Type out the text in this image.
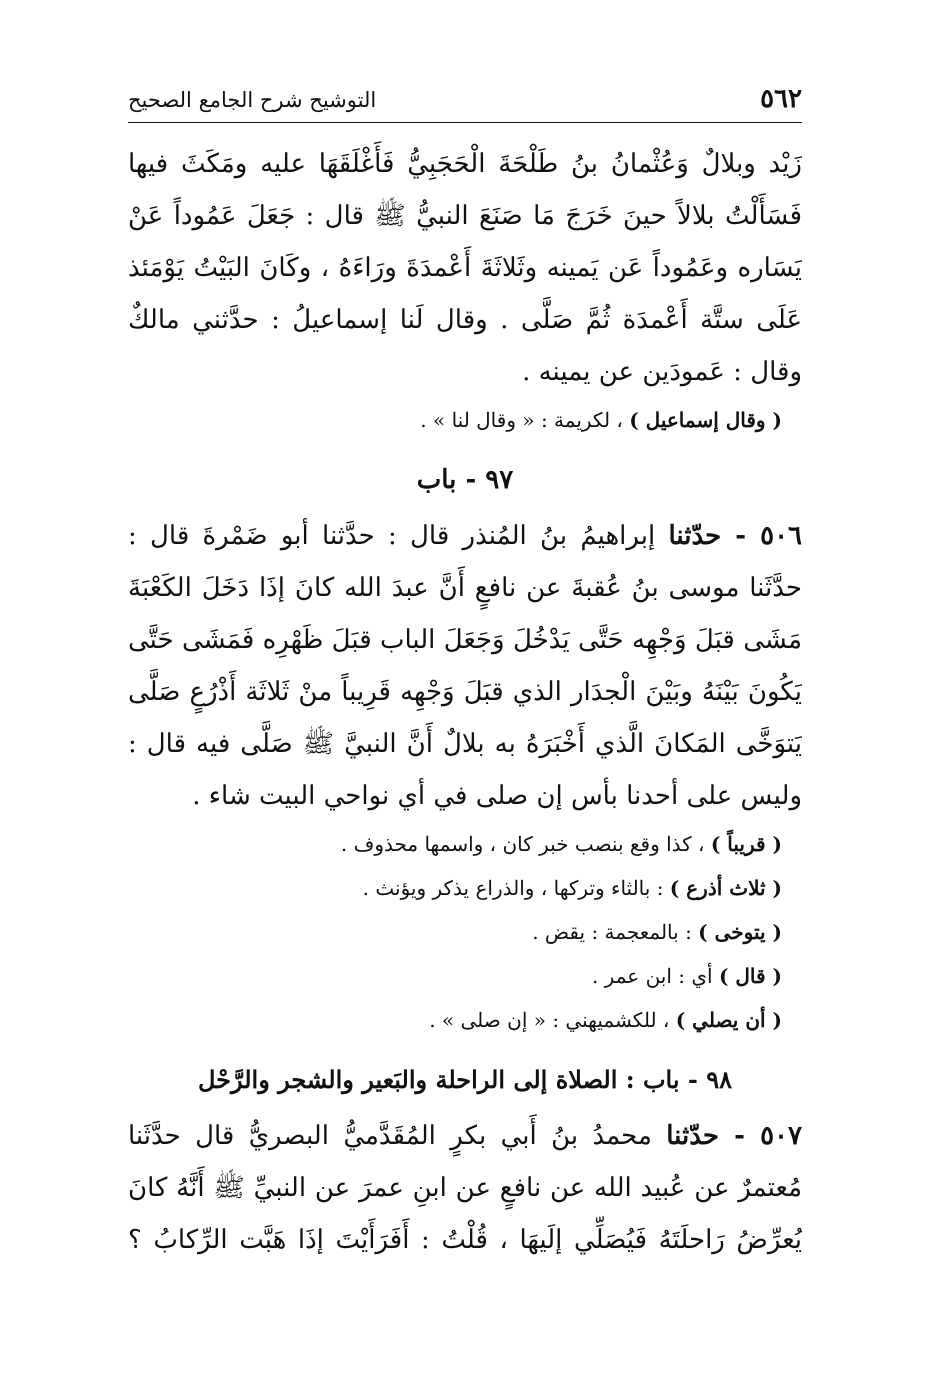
٥٦٢
التوشيح شرح الجامع الصحيح
زَيْد وبلالٌ وَعُثْمانُ بنُ طَلْحَةَ الْحَجَبِيُّ فَأَغْلَقَهَا عليه ومَكَثَ فيها
فَسَأَلْتُ بلالاً حينَ خَرَجَ مَا صَنَعَ النبيُّ ﷺ قال : جَعَلَ عَمُوداً عَنْ
يَسَاره وعَمُوداً عَن يَمينه وثَلاثَةَ أَعْمدَةَ ورَاءَهُ ، وكَانَ البَيْتُ يَوْمَئذ
عَلَى ستَّة أَعْمدَة ثُمَّ صَلَّى . وقال لَنا إسماعيلُ : حدَّثني مالكٌ
وقال : عَمودَين عن يمينه .
( وقال إسماعيل ) ، لكريمة : « وقال لنا » .
٩٧ - باب
٥٠٦ - حدّثنا إبراهيمُ بنُ المُنذر قال : حدَّثنا أبو ضَمْرةَ قال :
حدَّثَنا موسى بنُ عُقبةَ عن نافعٍ أَنَّ عبدَ الله كانَ إذَا دَخَلَ الكَعْبَةَ
مَشَى قبَلَ وَجْهِه حَتَّى يَدْخُلَ وَجَعَلَ الباب قبَلَ ظَهْرِه فَمَشَى حَتَّى
يَكُونَ بَيْنَهُ وبَيْنَ الْجدَار الذي قبَلَ وَجْهِه قَرِيباً منْ ثَلاثَة أَذْرُعٍ صَلَّى
يَتوَخَّى المَكانَ الَّذي أَخْبَرَهُ به بلالٌ أَنَّ النبيَّ ﷺ صَلَّى فيه قال :
وليس على أحدنا بأس إن صلى في أي نواحي البيت شاء .
( قريباً ) ، كذا وقع بنصب خبر كان ، واسمها محذوف .
( ثلاث أذرع ) : بالثاء وتركها ، والذراع يذكر ويؤنث .
( يتوخى ) : بالمعجمة : يقض .
( قال ) أي : ابن عمر .
( أن يصلي ) ، للكشميهني : « إن صلى » .
٩٨ - باب : الصلاة إلى الراحلة والبَعير والشجر والرَّحْل
٥٠٧ - حدّثنا محمدُ بنُ أَبي بكرٍ المُقَدَّميُّ البصريُّ قال حدَّثَنا
مُعتمرٌ عن عُبيد الله عن نافعٍ عن ابنِ عمرَ عن النبيِّ ﷺ أَنَّهُ كانَ
يُعرِّضُ رَاحلَتَهُ فَيُصَلِّي إلَيهَا ، قُلْتُ : أَفَرَأَيْتَ إذَا هَبَّت الرِّكابُ ؟
